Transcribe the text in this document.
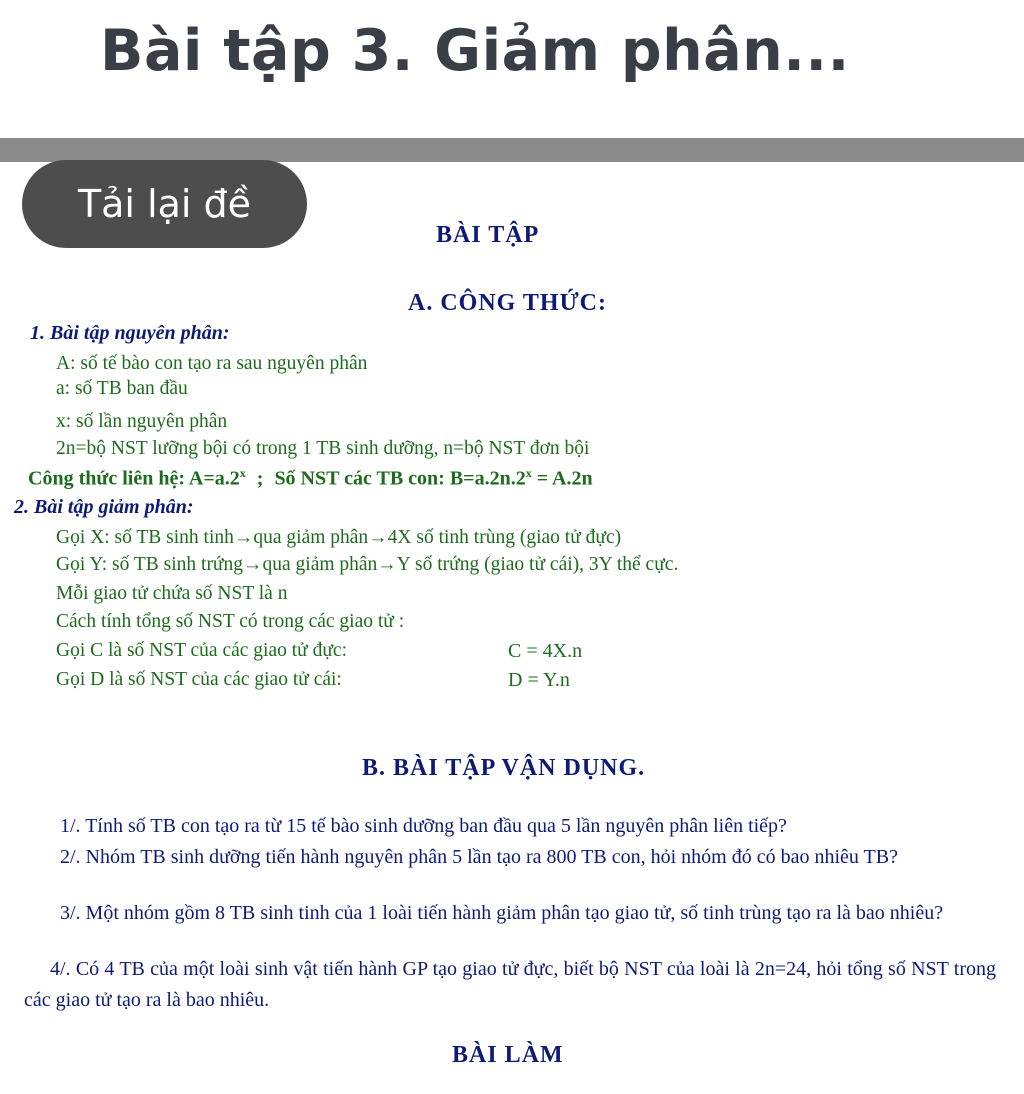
Bài tập 3. Giảm phân...
BÀI TẬP
A. CÔNG THỨC:
1. Bài tập nguyên phân:
A: số tế bào con tạo ra sau nguyên phân
a: số TB ban đầu
x: số lần nguyên phân
2n=bộ NST lưỡng bội có trong 1 TB sinh dưỡng, n=bộ NST đơn bội
Công thức liên hệ: $A=a.2^x$ ; Số NST các TB con: $B=a.2n.2^x = A.2n$
2. Bài tập giảm phân:
Gọi X: số TB sinh tinh→qua giảm phân→4X số tinh trùng (giao tử đực)
Gọi Y: số TB sinh trứng→qua giảm phân→Y số trứng (giao tử cái), 3Y thể cực.
Mỗi giao tử chứa số NST là n
Cách tính tổng số NST có trong các giao tử :
Gọi C là số NST của các giao tử đực:	C = 4X.n
Gọi D là số NST của các giao tử cái:	D = Y.n
B. BÀI TẬP VẬN DỤNG.
1/. Tính số TB con tạo ra từ 15 tế bào sinh dưỡng ban đầu qua 5 lần nguyên phân liên tiếp?
2/. Nhóm TB sinh dưỡng tiến hành nguyên phân 5 lần tạo ra 800 TB con, hỏi nhóm đó có bao nhiêu TB?
3/. Một nhóm gồm 8 TB sinh tinh của 1 loài tiến hành giảm phân tạo giao tử, số tinh trùng tạo ra là bao nhiêu?
4/. Có 4 TB của một loài sinh vật tiến hành GP tạo giao tử đực, biết bộ NST của loài là 2n=24, hỏi tổng số NST trong các giao tử tạo ra là bao nhiêu.
BÀI LÀM
Tải lại đề
